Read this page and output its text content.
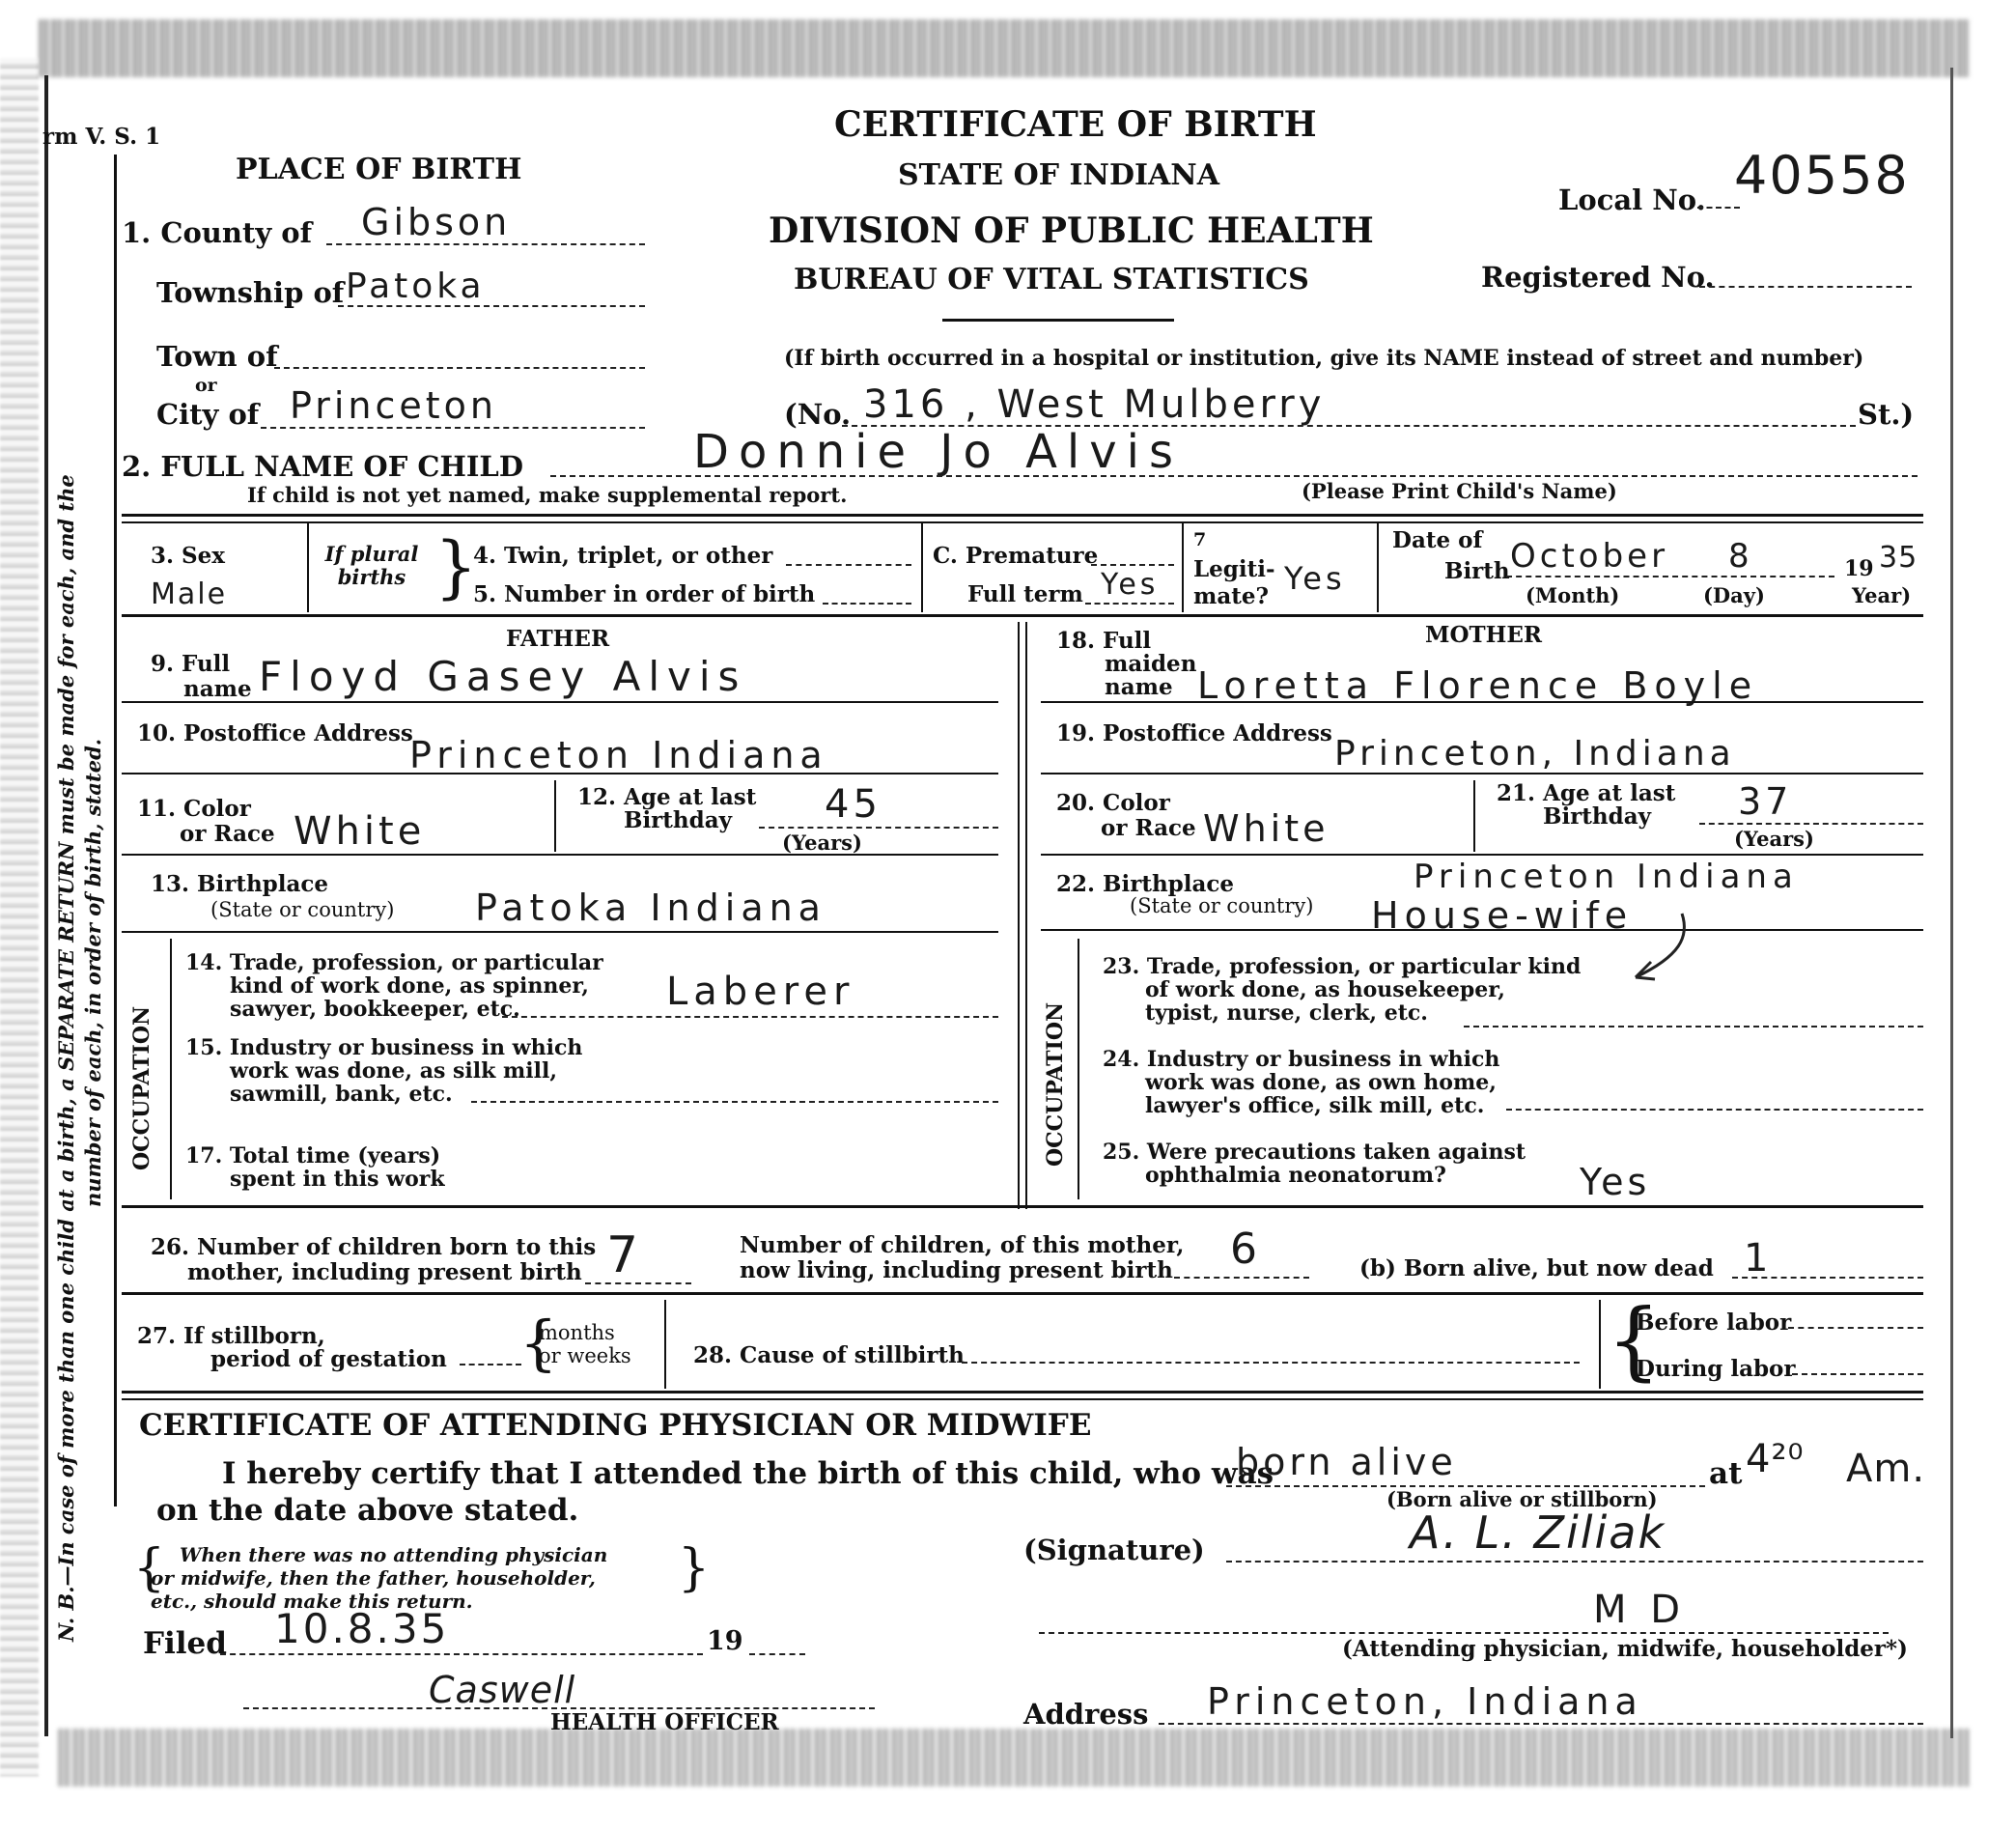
N. B.—In case of more than one child at a birth, a SEPARATE RETURN must be made for each, and the number of each, in order of birth, stated.
rm V. S. 1	CERTIFICATE OF BIRTH
STATE OF INDIANA
DIVISION OF PUBLIC HEALTH
BUREAU OF VITAL STATISTICS
Local No. 40558
Registered No.
PLACE OF BIRTH
1. County of Gibson
Township of Patoka
Town of
or
City of Princeton
(If birth occurred in a hospital or institution, give its NAME instead of street and number)
(No. 316 , West Mulberry	St.)
2. FULL NAME OF CHILD	Donnie Jo Alvis
If child is not yet named, make supplemental report.	(Please Print Child's Name)
3. Sex
Male
If plural births }
4. Twin, triplet, or other
5. Number in order of birth
C. Premature
Full term Yes
7
Legiti-
mate? Yes
Date of
Birth October 8	19 35
(Month)	(Day)	Year)
FATHER
9. Full
name Floyd Gasey Alvis
10. Postoffice Address
Princeton Indiana
11. Color
or Race White
12. Age at last
Birthday 45
(Years)
13. Birthplace
(State or country) Patoka Indiana
OCCUPATION
14. Trade, profession, or particular
kind of work done, as spinner,
sawyer, bookkeeper, etc.	Laberer
15. Industry or business in which
work was done, as silk mill,
sawmill, bank, etc.
17. Total time (years)
spent in this work
MOTHER
18. Full
maiden
name Loretta Florence Boyle
19. Postoffice Address
Princeton, Indiana
20. Color
or Race White
21. Age at last
Birthday 37
(Years)
22. Birthplace
(State or country)
Princeton Indiana
House-wife
OCCUPATION
23. Trade, profession, or particular kind
of work done, as housekeeper,
typist, nurse, clerk, etc.
24. Industry or business in which
work was done, as own home,
lawyer's office, silk mill, etc.
25. Were precautions taken against
ophthalmia neonatorum?	Yes
26. Number of children born to this
mother, including present birth 7	Number of children, of this mother,
now living, including present birth 6	(b) Born alive, but now dead 1
27. If stillborn,
period of gestation {
months
or weeks	28. Cause of stillbirth	{
Before labor
During labor
CERTIFICATE OF ATTENDING PHYSICIAN OR MIDWIFE
I hereby certify that I attended the birth of this child, who was
born alive	at 4²⁰ Am.
on the date above stated.	(Born alive or stillborn)
{	}
When there was no attending physician
or midwife, then the father, householder,
etc., should make this return.
(Signature)	A. L. Ziliak
M D
(Attending physician, midwife, householder*)
Filed 10.8.35	19
Caswell
HEALTH OFFICER	Address Princeton, Indiana
